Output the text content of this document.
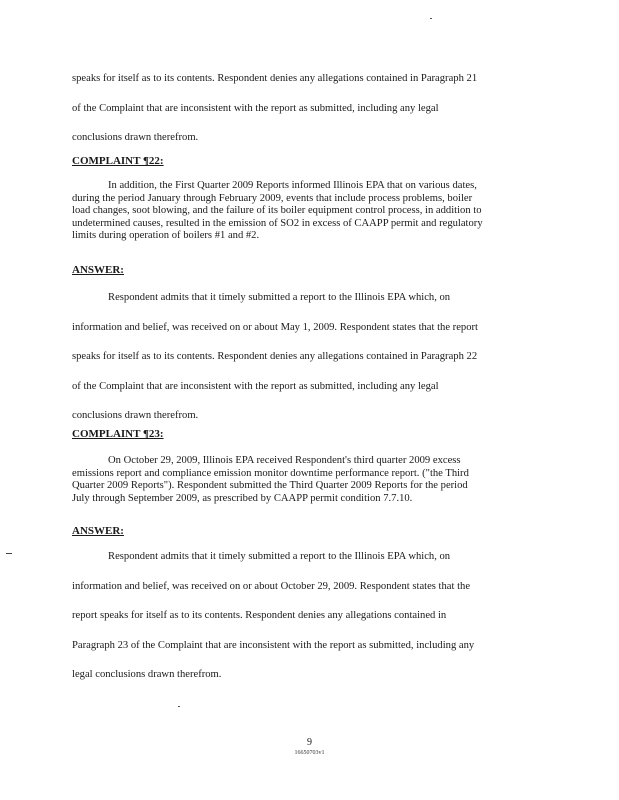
speaks for itself as to its contents. Respondent denies any allegations contained in Paragraph 21
of the Complaint that are inconsistent with the report as submitted, including any legal
conclusions drawn therefrom.
COMPLAINT ¶22:
In addition, the First Quarter 2009 Reports informed Illinois EPA that on various dates,
during the period January through February 2009, events that include process problems, boiler
load changes, soot blowing, and the failure of its boiler equipment control process, in addition to
undetermined causes, resulted in the emission of SO2 in excess of CAAPP permit and regulatory
limits during operation of boilers #1 and #2.
ANSWER:
Respondent admits that it timely submitted a report to the Illinois EPA which, on
information and belief, was received on or about May 1, 2009. Respondent states that the report
speaks for itself as to its contents. Respondent denies any allegations contained in Paragraph 22
of the Complaint that are inconsistent with the report as submitted, including any legal
conclusions drawn therefrom.
COMPLAINT ¶23:
On October 29, 2009, Illinois EPA received Respondent's third quarter 2009 excess
emissions report and compliance emission monitor downtime performance report. ("the Third
Quarter 2009 Reports"). Respondent submitted the Third Quarter 2009 Reports for the period
July through September 2009, as prescribed by CAAPP permit condition 7.7.10.
ANSWER:
Respondent admits that it timely submitted a report to the Illinois EPA which, on
information and belief, was received on or about October 29, 2009. Respondent states that the
report speaks for itself as to its contents. Respondent denies any allegations contained in
Paragraph 23 of the Complaint that are inconsistent with the report as submitted, including any
legal conclusions drawn therefrom.
9
16650703v1
